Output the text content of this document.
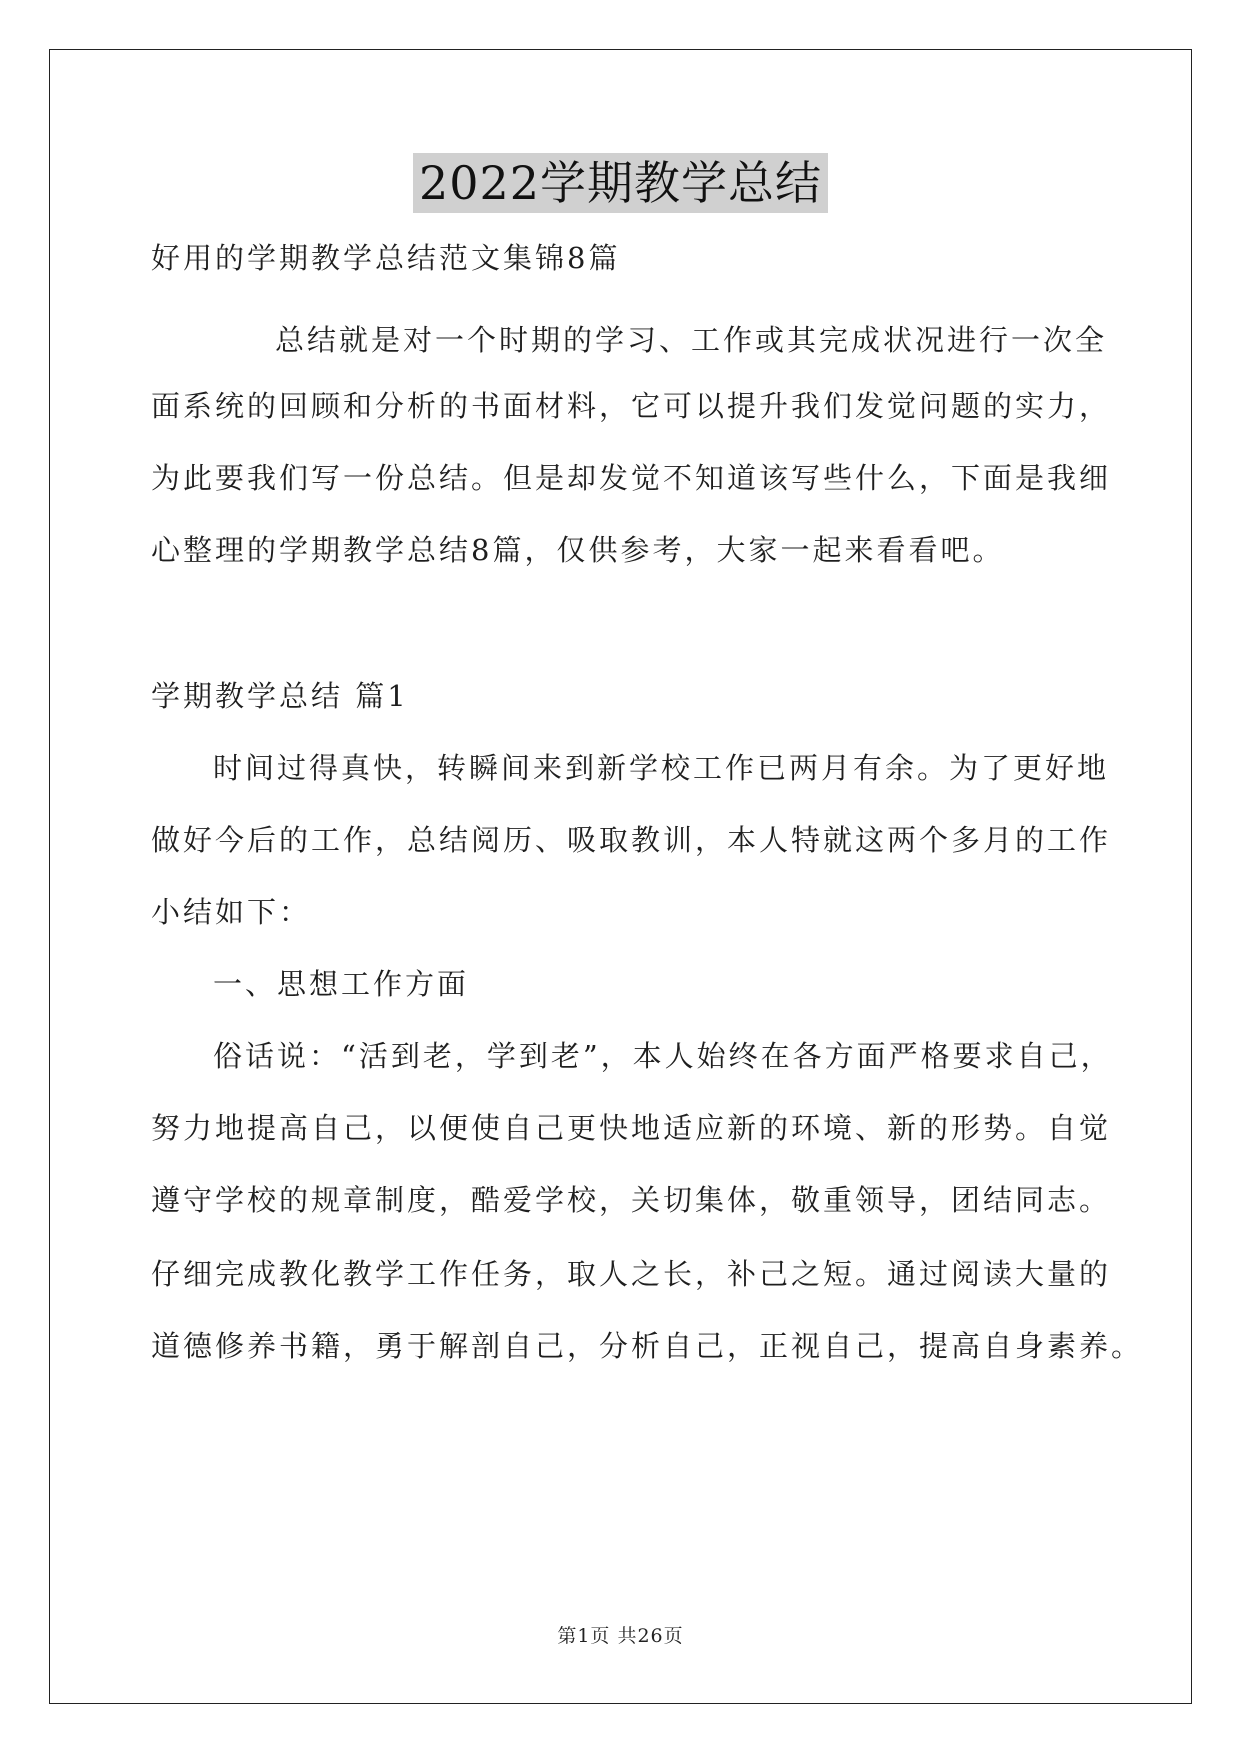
2022学期教学总结
好用的学期教学总结范文集锦8篇
总结就是对一个时期的学习、工作或其完成状况进行一次全
面系统的回顾和分析的书面材料，它可以提升我们发觉问题的实力，
为此要我们写一份总结。但是却发觉不知道该写些什么，下面是我细
心整理的学期教学总结8篇，仅供参考，大家一起来看看吧。
学期教学总结 篇1
时间过得真快，转瞬间来到新学校工作已两月有余。为了更好地
做好今后的工作，总结阅历、吸取教训，本人特就这两个多月的工作
小结如下：
一、思想工作方面
俗话说：“活到老，学到老”，本人始终在各方面严格要求自己，
努力地提高自己，以便使自己更快地适应新的环境、新的形势。自觉
遵守学校的规章制度，酷爱学校，关切集体，敬重领导，团结同志。
仔细完成教化教学工作任务，取人之长，补己之短。通过阅读大量的
道德修养书籍，勇于解剖自己，分析自己，正视自己，提高自身素养。
第1页 共26页
